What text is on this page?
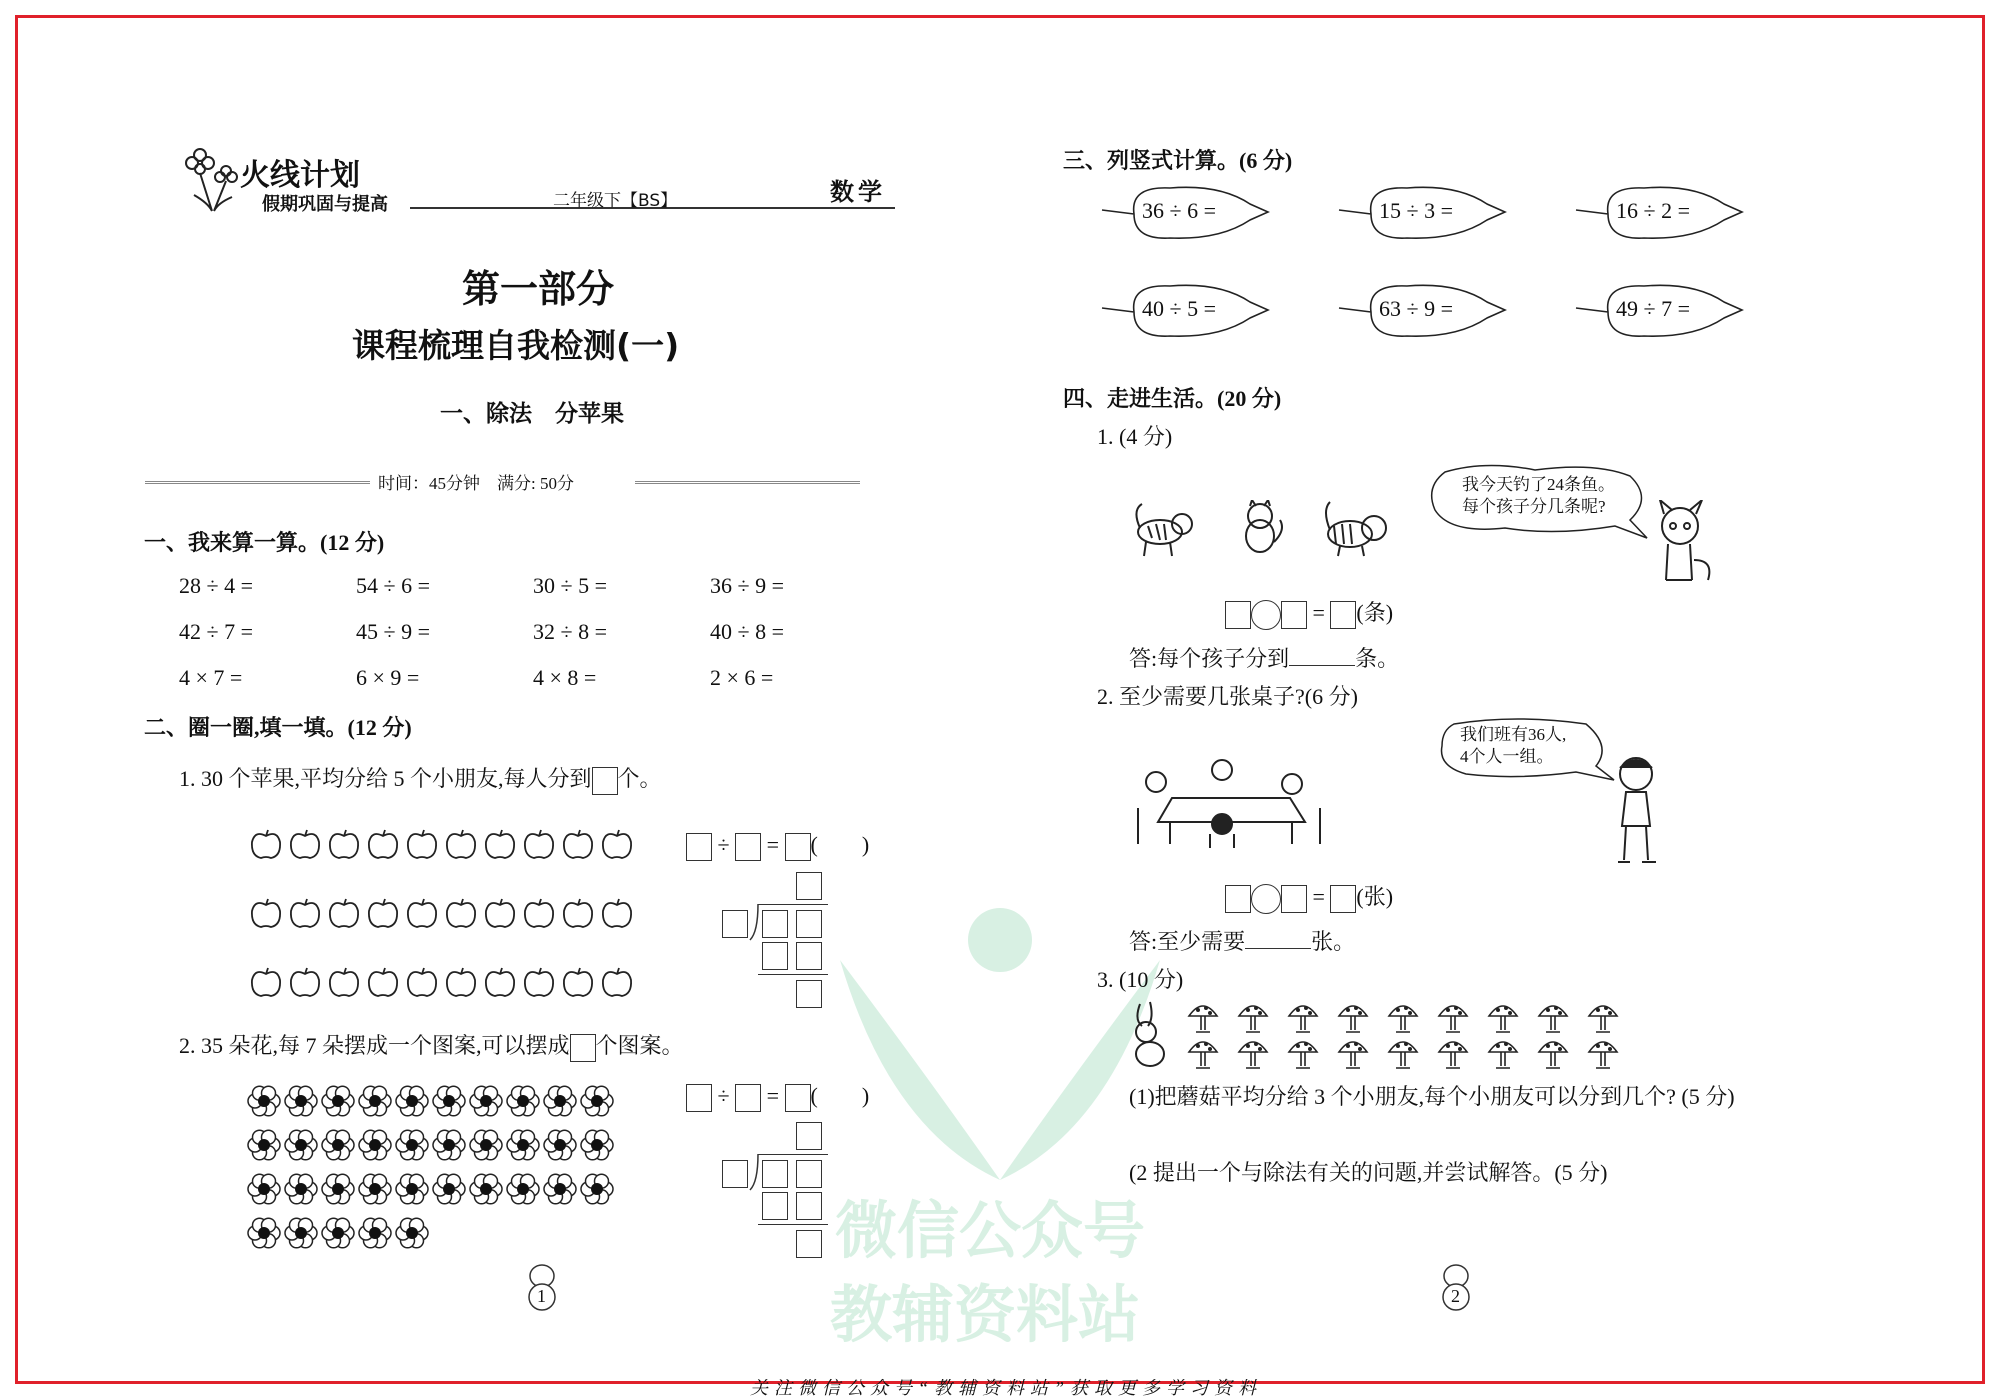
微信公众号
教辅资料站
火线计划
假期巩固与提高	二年级下【BS】	数学
第一部分
课程梳理自我检测(一)
一、除法　分苹果
时间：45分钟　满分: 50分
一、我来算一算。(12 分)
28 ÷ 4 =	54 ÷ 6 =	30 ÷ 5 =	36 ÷ 9 =
42 ÷ 7 =	45 ÷ 9 =	32 ÷ 8 =	40 ÷ 8 =
4 × 7 =	6 × 9 =	4 × 8 =	2 × 6 =
二、圈一圈,填一填。(12 分)
1. 30 个苹果,平均分给 5 个小朋友,每人分到 个。
÷ = (   )
2. 35 朵花,每 7 朵摆成一个图案,可以摆成 个图案。
÷ = (   )
1	2
三、列竖式计算。(6 分)
36 ÷ 6 =	15 ÷ 3 =	16 ÷ 2 =
40 ÷ 5 =	63 ÷ 9 =	49 ÷ 7 =
四、走进生活。(20 分)
1. (4 分)
我今天钓了24条鱼。
每个孩子分几条呢?
= (条)
答:每个孩子分到	条。
2. 至少需要几张桌子?(6 分)
我们班有36人,
4个人一组。
= (张)
答:至少需要	张。
3. (10 分)
(1)把蘑菇平均分给 3 个小朋友,每个小朋友可以分到几个? (5 分)
(2 提出一个与除法有关的问题,并尝试解答。(5 分)
关注微信公众号“教辅资料站”获取更多学习资料
